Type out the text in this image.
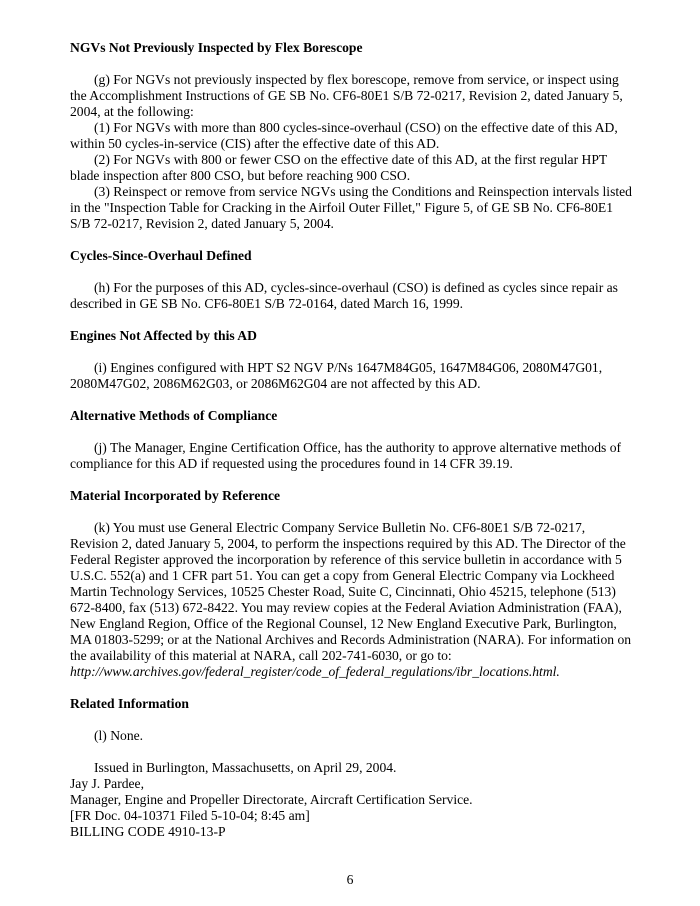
NGVs Not Previously Inspected by Flex Borescope

(g) For NGVs not previously inspected by flex borescope, remove from service, or inspect using the Accomplishment Instructions of GE SB No. CF6-80E1 S/B 72-0217, Revision 2, dated January 5, 2004, at the following:

(1) For NGVs with more than 800 cycles-since-overhaul (CSO) on the effective date of this AD, within 50 cycles-in-service (CIS) after the effective date of this AD.

(2) For NGVs with 800 or fewer CSO on the effective date of this AD, at the first regular HPT blade inspection after 800 CSO, but before reaching 900 CSO.

(3) Reinspect or remove from service NGVs using the Conditions and Reinspection intervals listed in the "Inspection Table for Cracking in the Airfoil Outer Fillet," Figure 5, of GE SB No. CF6-80E1 S/B 72-0217, Revision 2, dated January 5, 2004.

Cycles-Since-Overhaul Defined

(h) For the purposes of this AD, cycles-since-overhaul (CSO) is defined as cycles since repair as described in GE SB No. CF6-80E1 S/B 72-0164, dated March 16, 1999.

Engines Not Affected by this AD

(i) Engines configured with HPT S2 NGV P/Ns 1647M84G05, 1647M84G06, 2080M47G01, 2080M47G02, 2086M62G03, or 2086M62G04 are not affected by this AD.

Alternative Methods of Compliance

(j) The Manager, Engine Certification Office, has the authority to approve alternative methods of compliance for this AD if requested using the procedures found in 14 CFR 39.19.

Material Incorporated by Reference

(k) You must use General Electric Company Service Bulletin No. CF6-80E1 S/B 72-0217, Revision 2, dated January 5, 2004, to perform the inspections required by this AD. The Director of the Federal Register approved the incorporation by reference of this service bulletin in accordance with 5 U.S.C. 552(a) and 1 CFR part 51. You can get a copy from General Electric Company via Lockheed Martin Technology Services, 10525 Chester Road, Suite C, Cincinnati, Ohio 45215, telephone (513) 672-8400, fax (513) 672-8422. You may review copies at the Federal Aviation Administration (FAA), New England Region, Office of the Regional Counsel, 12 New England Executive Park, Burlington, MA 01803-5299; or at the National Archives and Records Administration (NARA). For information on the availability of this material at NARA, call 202-741-6030, or go to:

http://www.archives.gov/federal_register/code_of_federal_regulations/ibr_locations.html.

Related Information

(l) None.

Issued in Burlington, Massachusetts, on April 29, 2004.

Jay J. Pardee,

Manager, Engine and Propeller Directorate, Aircraft Certification Service.

[FR Doc. 04-10371 Filed 5-10-04; 8:45 am]

BILLING CODE 4910-13-P

6
